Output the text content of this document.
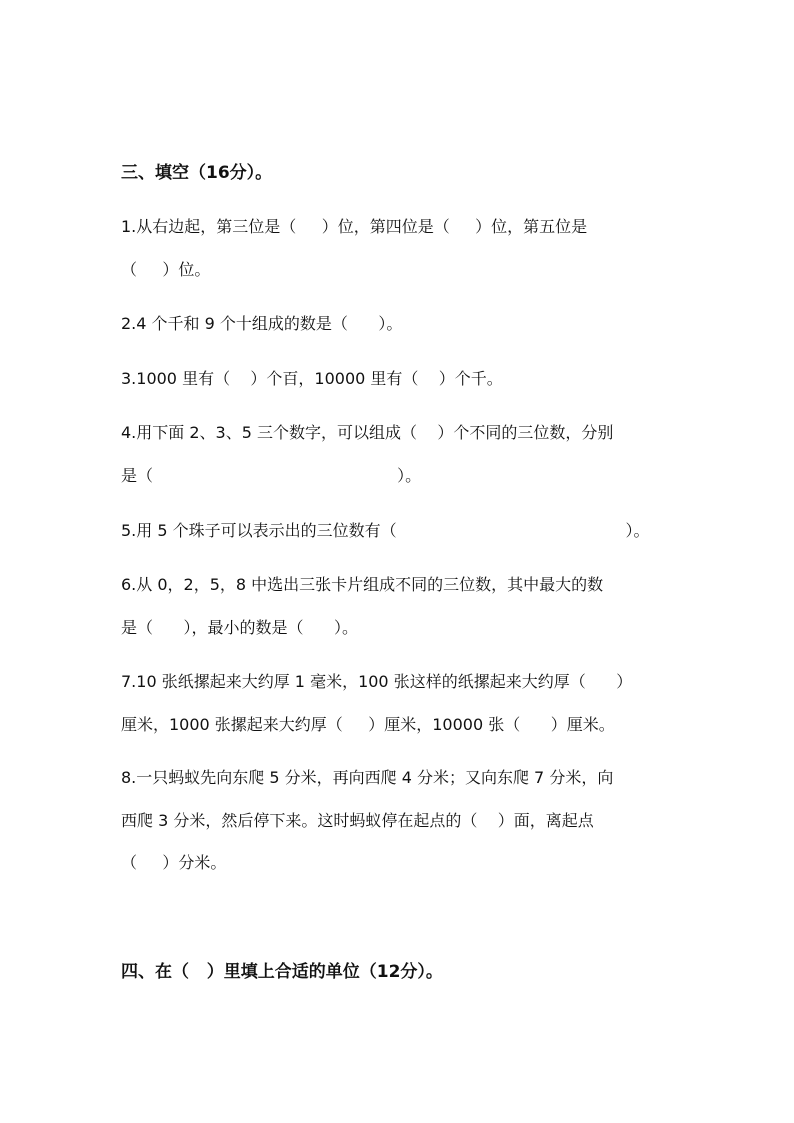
三、填空（16分）。
1.从右边起，第三位是（     ）位，第四位是（     ）位，第五位是
（     ）位。
2.4 个千和 9 个十组成的数是（      ）。
3.1000 里有（    ）个百，10000 里有（    ）个千。
4.用下面 2、3、5 三个数字，可以组成（    ）个不同的三位数，分别
是（                                                ）。
5.用 5 个珠子可以表示出的三位数有（                                             ）。
6.从 0，2，5，8 中选出三张卡片组成不同的三位数，其中最大的数
是（      ），最小的数是（      ）。
7.10 张纸摞起来大约厚 1 毫米，100 张这样的纸摞起来大约厚（      ）
厘米，1000 张摞起来大约厚（     ）厘米，10000 张（      ）厘米。
8.一只蚂蚁先向东爬 5 分米，再向西爬 4 分米；又向东爬 7 分米，向
西爬 3 分米，然后停下来。这时蚂蚁停在起点的（    ）面，离起点
（     ）分米。
四、在（   ）里填上合适的单位（12分）。
